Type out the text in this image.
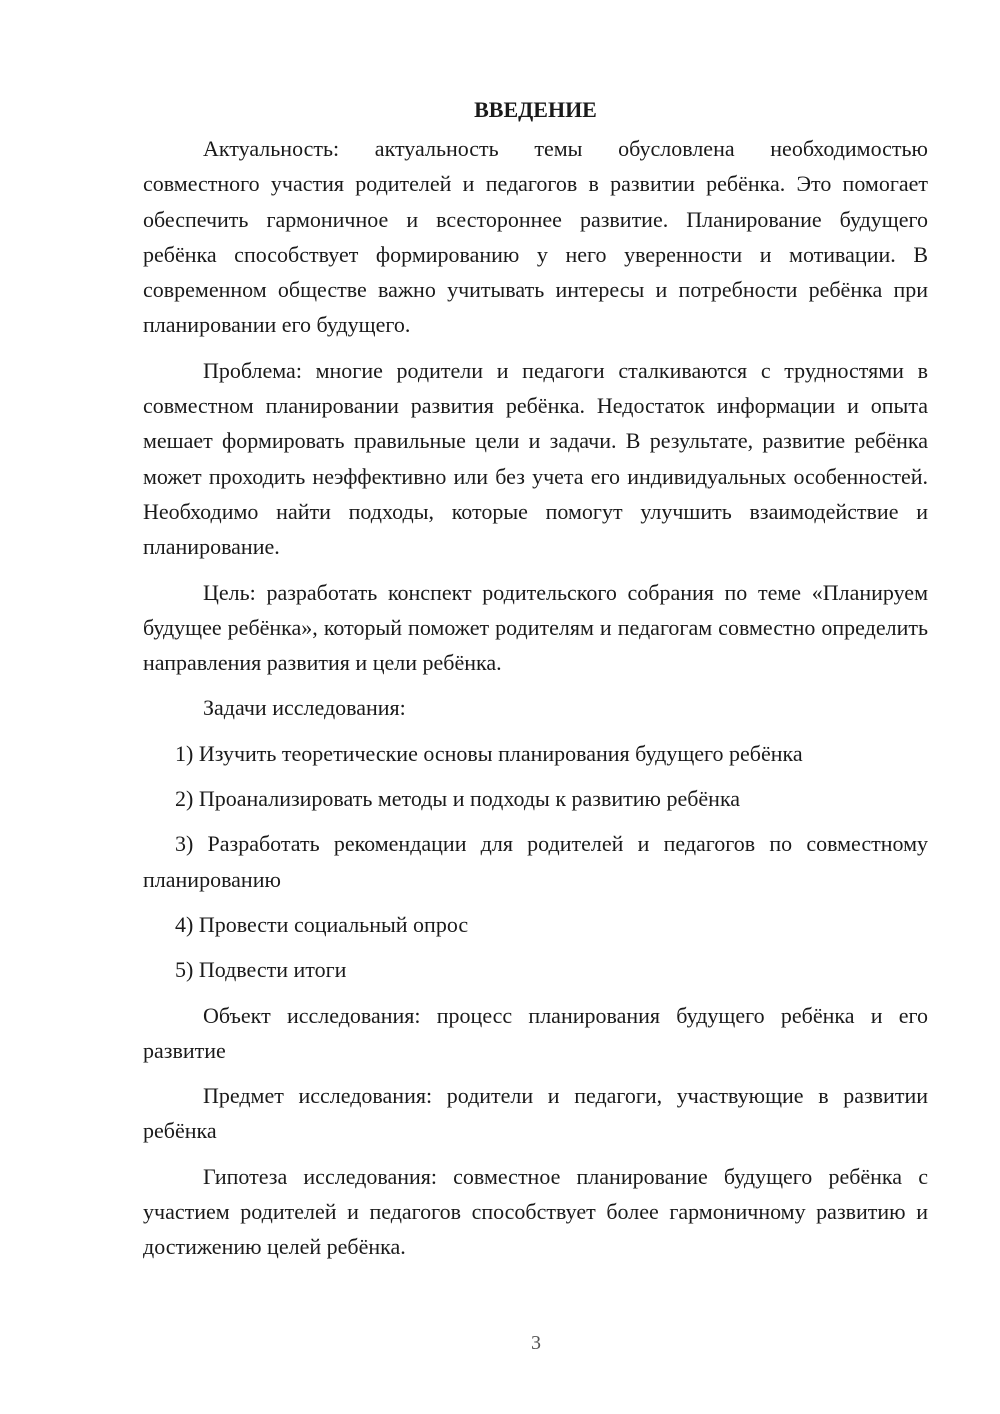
ВВЕДЕНИЕ

Актуальность: актуальность темы обусловлена необходимостью совместного участия родителей и педагогов в развитии ребёнка. Это помогает обеспечить гармоничное и всестороннее развитие. Планирование будущего ребёнка способствует формированию у него уверенности и мотивации. В современном обществе важно учитывать интересы и потребности ребёнка при планировании его будущего.

Проблема: многие родители и педагоги сталкиваются с трудностями в совместном планировании развития ребёнка. Недостаток информации и опыта мешает формировать правильные цели и задачи. В результате, развитие ребёнка может проходить неэффективно или без учета его индивидуальных особенностей. Необходимо найти подходы, которые помогут улучшить взаимодействие и планирование.

Цель: разработать конспект родительского собрания по теме «Планируем будущее ребёнка», который поможет родителям и педагогам совместно определить направления развития и цели ребёнка.

Задачи исследования:

1) Изучить теоретические основы планирования будущего ребёнка

2) Проанализировать методы и подходы к развитию ребёнка

3) Разработать рекомендации для родителей и педагогов по совместному планированию

4) Провести социальный опрос

5) Подвести итоги

Объект исследования: процесс планирования будущего ребёнка и его развитие

Предмет исследования: родители и педагоги, участвующие в развитии ребёнка

Гипотеза исследования: совместное планирование будущего ребёнка с участием родителей и педагогов способствует более гармоничному развитию и достижению целей ребёнка.

3
